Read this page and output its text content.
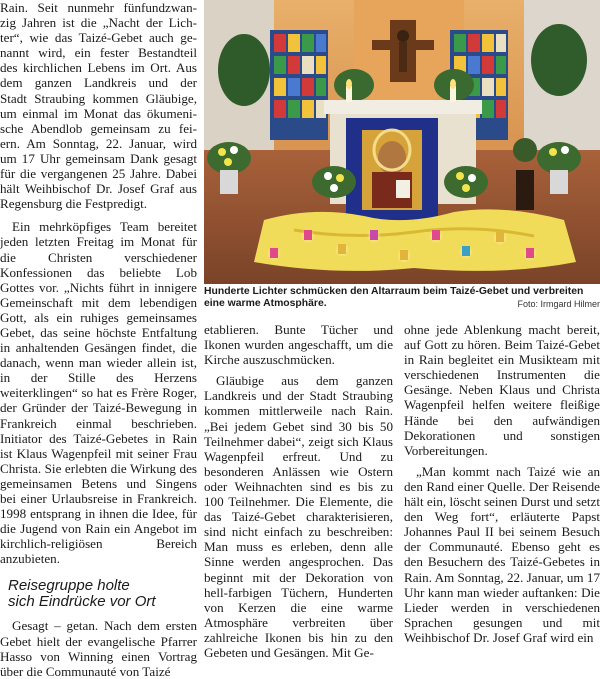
Rain. Seit nunmehr fünfundzwan-
zig Jahren ist die „Nacht der Lich-
ter“, wie das Taizé-Gebet auch ge-
nannt wird, ein fester Bestandteil
des kirchlichen Lebens im Ort. Aus
dem ganzen Landkreis und der
Stadt Straubing kommen Gläubige,
um einmal im Monat das ökumeni-
sche Abendlob gemeinsam zu fei-
ern. Am Sonntag, 22. Januar, wird
um 17 Uhr gemeinsam Dank gesagt
für die vergangenen 25 Jahre. Dabei
hält Weihbischof Dr. Josef Graf aus
Regensburg die Festpredigt.

Ein mehrköpfiges Team bereitet jeden letzten Freitag im Monat für die Christen verschiedener Konfessionen das beliebte Lob Gottes vor. „Nichts führt in innigere Gemeinschaft mit dem lebendigen Gott, als ein ruhiges gemeinsames Gebet, das seine höchste Entfaltung in anhaltenden Gesängen findet, die danach, wenn man wieder allein ist, in der Stille des Herzens weiterklingen“ so hat es Frère Roger, der Gründer der Taizé-Bewegung in Frankreich einmal beschrieben. Initiator des Taizé-Gebetes in Rain ist Klaus Wagenpfeil mit seiner Frau Christa. Sie erlebten die Wirkung des gemeinsamen Betens und Singens bei einer Urlaubsreise in Frankreich. 1998 entsprang in ihnen die Idee, für die Jugend von Rain ein Angebot im kirchlich-religiösen Bereich anzubieten.

Reisegruppe holte
sich Eindrücke vor Ort

Gesagt – getan. Nach dem ersten Gebet hielt der evangelische Pfarrer Hasso von Winning einen Vortrag über die Communauté von Taizé

Hunderte Lichter schmücken den Altarraum beim Taizé-Gebet und verbreiten
eine warme Atmosphäre.	Foto: Irmgard Hilmer

etablieren. Bunte Tücher und Ikonen wurden angeschafft, um die Kirche auszuschmücken.

Gläubige aus dem ganzen Landkreis und der Stadt Straubing kommen mittlerweile nach Rain. „Bei jedem Gebet sind 30 bis 50 Teilnehmer dabei“, zeigt sich Klaus Wagenpfeil erfreut. Und zu besonderen Anlässen wie Ostern oder Weihnachten sind es bis zu 100 Teilnehmer. Die Elemente, die das Taizé-Gebet charakterisieren, sind nicht einfach zu beschreiben: Man muss es erleben, denn alle Sinne werden angesprochen. Das beginnt mit der Dekoration von hell-farbigen Tüchern, Hunderten von Kerzen die eine warme Atmosphäre verbreiten über zahlreiche Ikonen bis hin zu den Gebeten und Gesängen. Mit Ge-

ohne jede Ablenkung macht bereit, auf Gott zu hören. Beim Taizé-Gebet in Rain begleitet ein Musikteam mit verschiedenen Instrumenten die Gesänge. Neben Klaus und Christa Wagenpfeil helfen weitere fleißige Hände bei den aufwändigen Dekorationen und sonstigen Vorbereitungen.

„Man kommt nach Taizé wie an den Rand einer Quelle. Der Reisende hält ein, löscht seinen Durst und setzt den Weg fort“, erläuterte Papst Johannes Paul II bei seinem Besuch der Communauté. Ebenso geht es den Besuchern des Taizé-Gebetes in Rain. Am Sonntag, 22. Januar, um 17 Uhr kann man wieder auftanken: Die Lieder werden in verschiedenen Sprachen gesungen und mit Weihbischof Dr. Josef Graf wird ein
